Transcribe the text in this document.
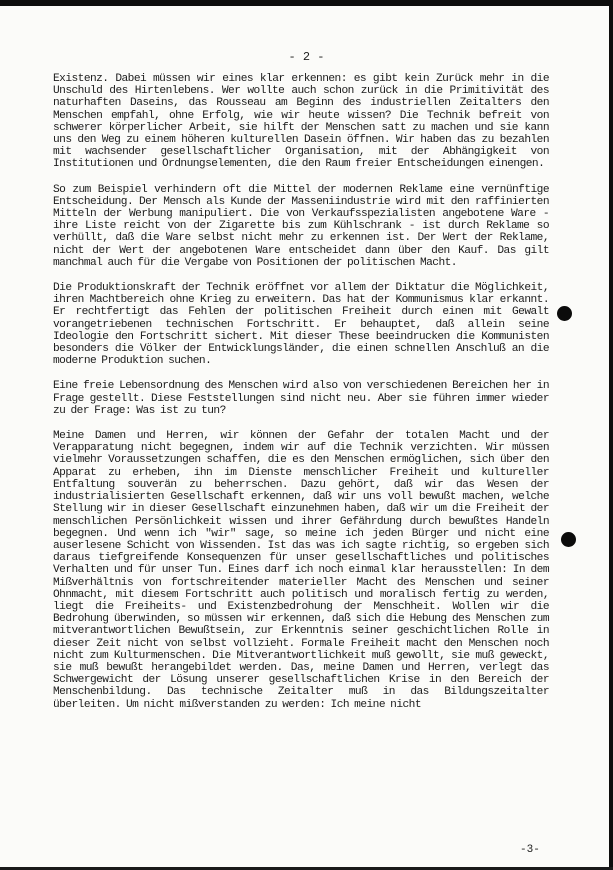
- 2 -

Existenz. Dabei müssen wir eines klar erkennen: es gibt kein Zurück mehr in die Unschuld des Hirtenlebens. Wer wollte auch schon zurück in die Primitivität des naturhaften Daseins, das Rousseau am Beginn des industriellen Zeitalters den Menschen empfahl, ohne Erfolg, wie wir heute wissen? Die Technik befreit von schwerer körperlicher Arbeit, sie hilft der Menschen satt zu machen und sie kann uns den Weg zu einem höheren kulturellen Dasein öffnen. Wir haben das zu bezahlen mit wachsender gesellschaftlicher Organisation, mit der Abhängigkeit von Institutionen und Ordnungselementen, die den Raum freier Entscheidungen einengen.

So zum Beispiel verhindern oft die Mittel der modernen Reklame eine vernünftige Entscheidung. Der Mensch als Kunde der Masseniindustrie wird mit den raffinierten Mitteln der Werbung manipuliert. Die von Verkaufsspezialisten angebotene Ware - ihre Liste reicht von der Zigarette bis zum Kühlschrank - ist durch Reklame so verhüllt, daß die Ware selbst nicht mehr zu erkennen ist. Der Wert der Reklame, nicht der Wert der angebotenen Ware entscheidet dann über den Kauf. Das gilt manchmal auch für die Vergabe von Positionen der politischen Macht.

Die Produktionskraft der Technik eröffnet vor allem der Diktatur die Möglichkeit, ihren Machtbereich ohne Krieg zu erweitern. Das hat der Kommunismus klar erkannt. Er rechtfertigt das Fehlen der politischen Freiheit durch einen mit Gewalt vorangetriebenen technischen Fortschritt. Er behauptet, daß allein seine Ideologie den Fortschritt sichert. Mit dieser These beeindrucken die Kommunisten besonders die Völker der Entwicklungsländer, die einen schnellen Anschluß an die moderne Produktion suchen.

Eine freie Lebensordnung des Menschen wird also von verschiedenen Bereichen her in Frage gestellt. Diese Feststellungen sind nicht neu. Aber sie führen immer wieder zu der Frage: Was ist zu tun?

Meine Damen und Herren, wir können der Gefahr der totalen Macht und der Verapparatung nicht begegnen, indem wir auf die Technik verzichten. Wir müssen vielmehr Voraussetzungen schaffen, die es den Menschen ermöglichen, sich über den Apparat zu erheben, ihn im Dienste menschlicher Freiheit und kultureller Entfaltung souverän zu beherrschen. Dazu gehört, daß wir das Wesen der industrialisierten Gesellschaft erkennen, daß wir uns voll bewußt machen, welche Stellung wir in dieser Gesellschaft einzunehmen haben, daß wir um die Freiheit der menschlichen Persönlichkeit wissen und ihrer Gefährdung durch bewußtes Handeln begegnen. Und wenn ich "wir" sage, so meine ich jeden Bürger und nicht eine auserlesene Schicht von Wissenden. Ist das was ich sagte richtig, so ergeben sich daraus tiefgreifende Konsequenzen für unser gesellschaftliches und politisches Verhalten und für unser Tun. Eines darf ich noch einmal klar herausstellen: In dem Mißverhältnis von fortschreitender materieller Macht des Menschen und seiner Ohnmacht, mit diesem Fortschritt auch politisch und moralisch fertig zu werden, liegt die Freiheits- und Existenzbedrohung der Menschheit. Wollen wir die Bedrohung überwinden, so müssen wir erkennen, daß sich die Hebung des Menschen zum mitverantwortlichen Bewußtsein, zur Erkenntnis seiner geschichtlichen Rolle in dieser Zeit nicht von selbst vollzieht. Formale Freiheit macht den Menschen noch nicht zum Kulturmenschen. Die Mitverantwortlichkeit muß gewollt, sie muß geweckt, sie muß bewußt herangebildet werden. Das, meine Damen und Herren, verlegt das Schwergewicht der Lösung unserer gesellschaftlichen Krise in den Bereich der Menschenbildung. Das technische Zeitalter muß in das Bildungszeitalter überleiten. Um nicht mißverstanden zu werden: Ich meine nicht

-3-
